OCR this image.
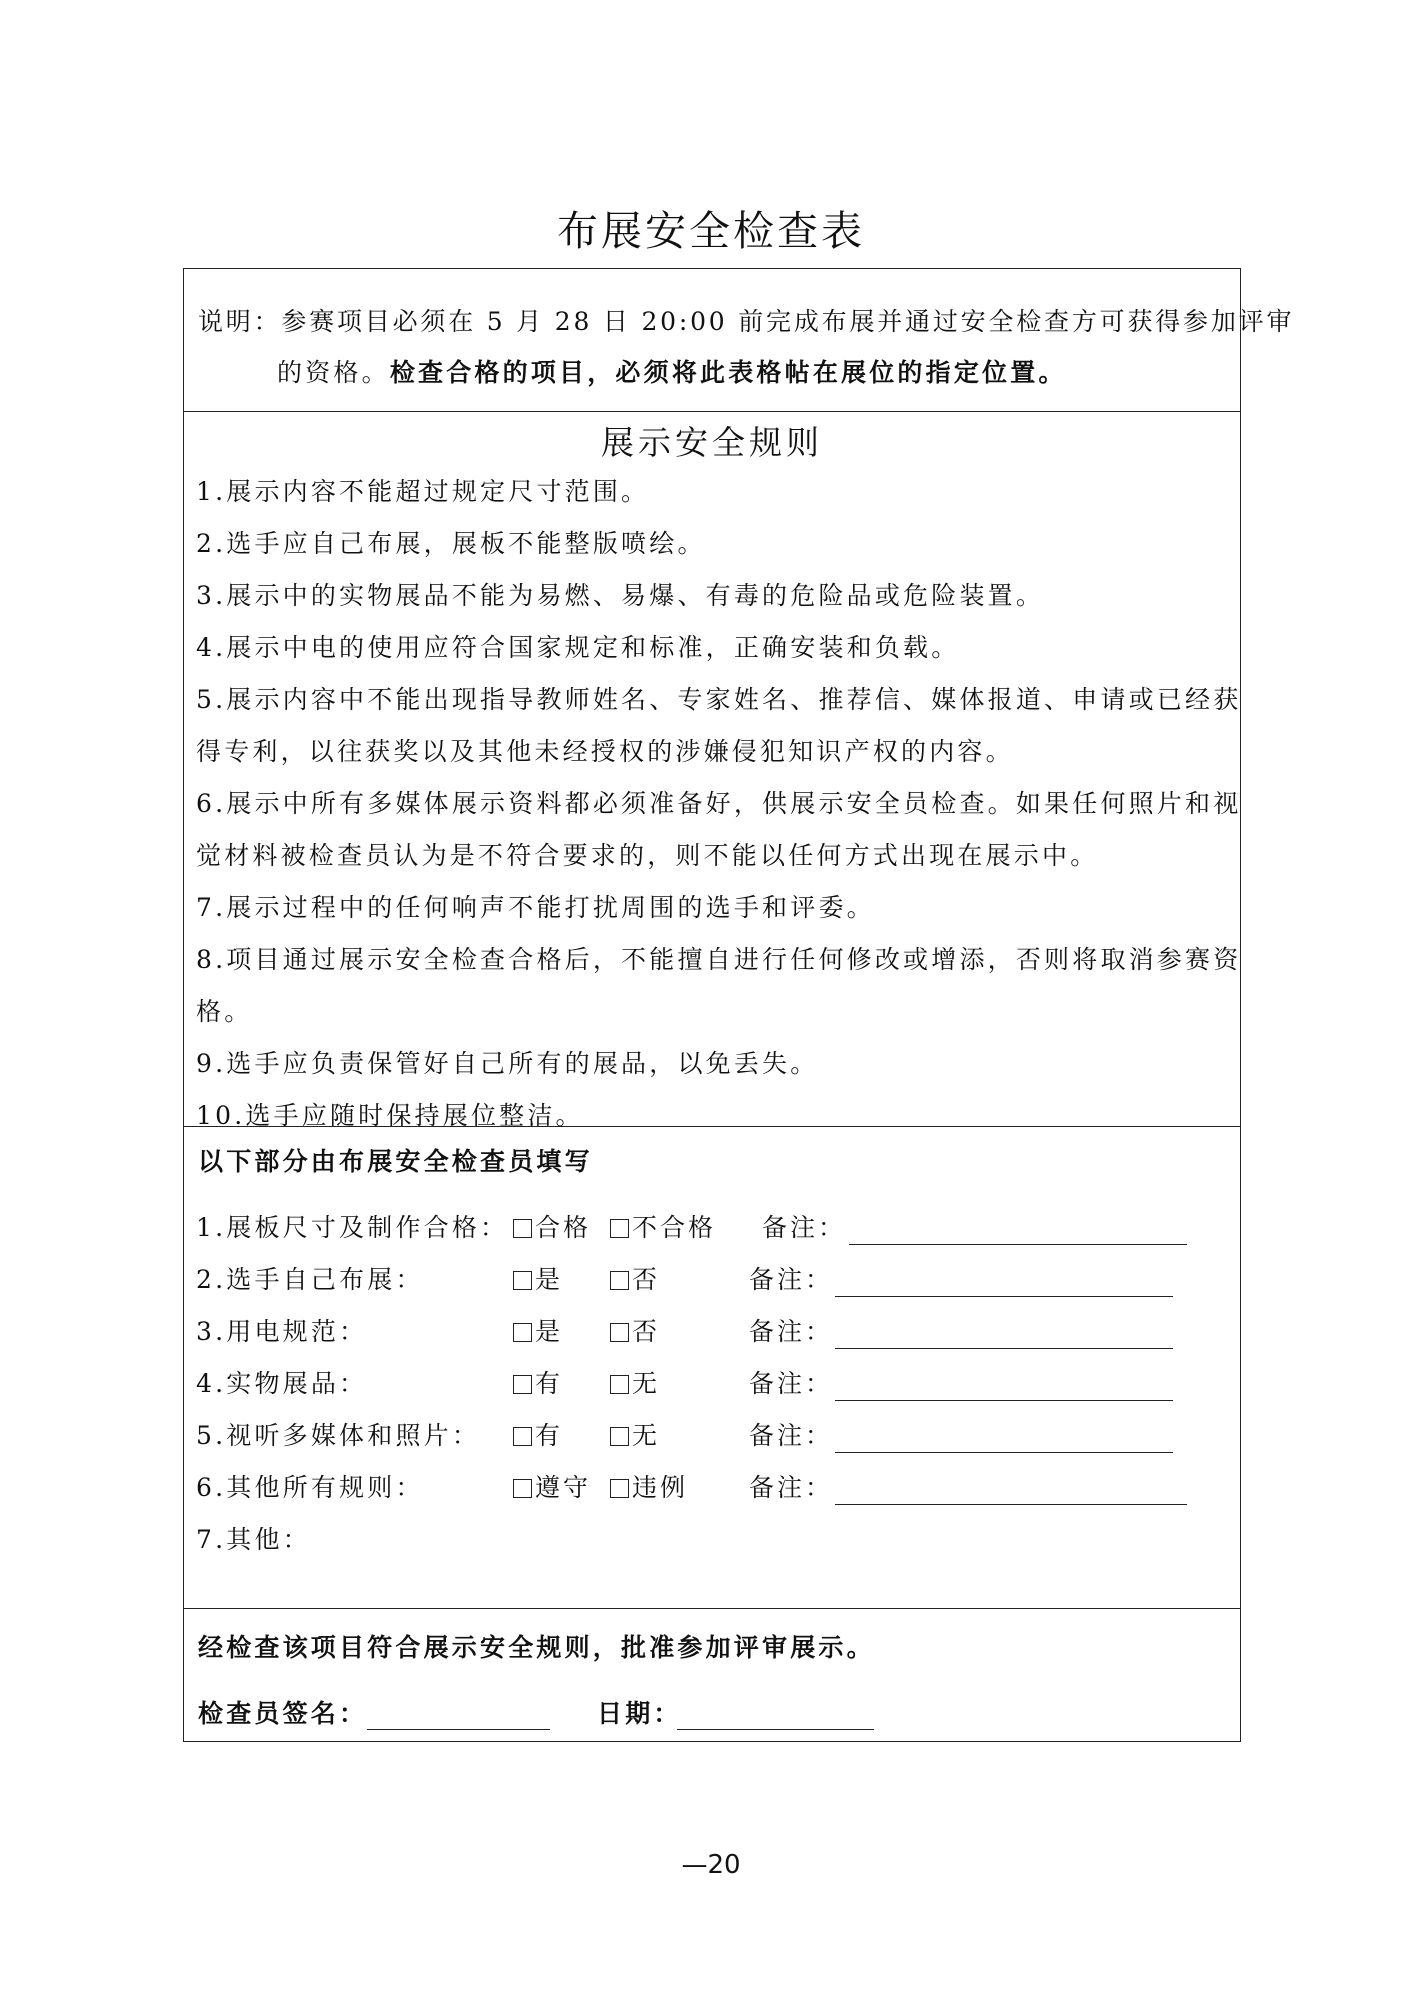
布展安全检查表
说明：参赛项目必须在 5 月 28 日 20:00 前完成布展并通过安全检查方可获得参加评审
的资格。检查合格的项目，必须将此表格帖在展位的指定位置。
展示安全规则
1.展示内容不能超过规定尺寸范围。
2.选手应自己布展，展板不能整版喷绘。
3.展示中的实物展品不能为易燃、易爆、有毒的危险品或危险装置。
4.展示中电的使用应符合国家规定和标准，正确安装和负载。
5.展示内容中不能出现指导教师姓名、专家姓名、推荐信、媒体报道、申请或已经获
得专利，以往获奖以及其他未经授权的涉嫌侵犯知识产权的内容。
6.展示中所有多媒体展示资料都必须准备好，供展示安全员检查。如果任何照片和视
觉材料被检查员认为是不符合要求的，则不能以任何方式出现在展示中。
7.展示过程中的任何响声不能打扰周围的选手和评委。
8.项目通过展示安全检查合格后，不能擅自进行任何修改或增添，否则将取消参赛资
格。
9.选手应负责保管好自己所有的展品，以免丢失。
10.选手应随时保持展位整洁。
以下部分由布展安全检查员填写
1.展板尺寸及制作合格：	合格	不合格 备注：
2.选手自己布展：	是	否	备注：
3.用电规范：	是	否	备注：
4.实物展品：	有	无	备注：
5.视听多媒体和照片：	有	无	备注：
6.其他所有规则：	遵守	违例 备注：
7.其他：
经检查该项目符合展示安全规则，批准参加评审展示。
检查员签名：	日期：
—20
